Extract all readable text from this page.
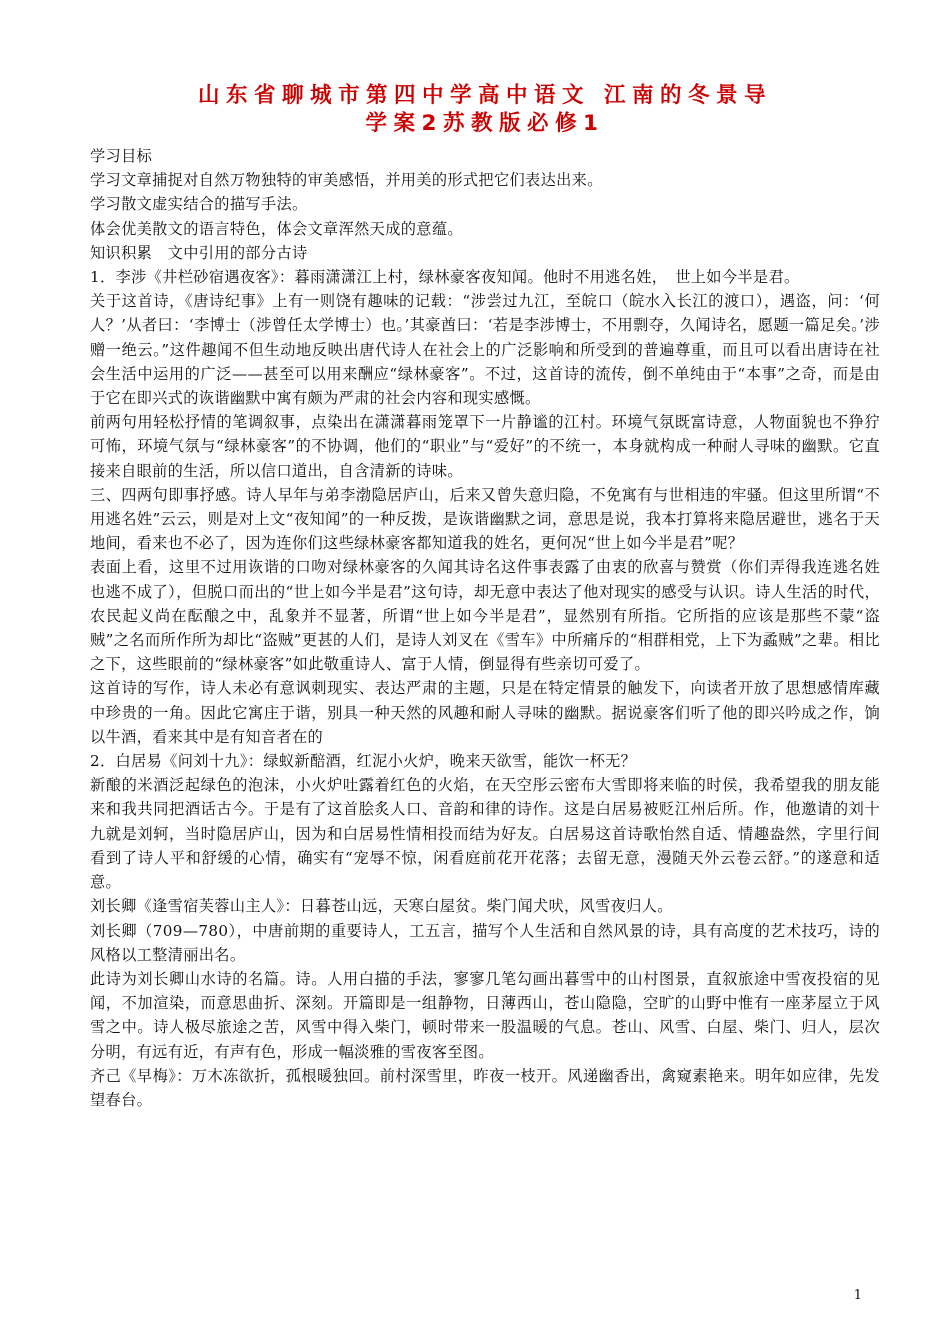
山东省聊城市第四中学高中语文 江南的冬景导
学案2苏教版必修1

学习目标

学习文章捕捉对自然万物独特的审美感悟，并用美的形式把它们表达出来。

学习散文虚实结合的描写手法。

体会优美散文的语言特色，体会文章浑然天成的意蕴。

知识积累　文中引用的部分古诗

1．李涉《井栏砂宿遇夜客》：暮雨潇潇江上村，绿林豪客夜知闻。他时不用逃名姓，　世上如今半是君。

关于这首诗，《唐诗纪事》上有一则饶有趣味的记载：“涉尝过九江，至皖口（皖水入长江的渡口），遇盗，问：‘何人？’从者曰：‘李博士（涉曾任太学博士）也。’其豪酋曰：‘若是李涉博士，不用剽夺，久闻诗名，愿题一篇足矣。’涉赠一绝云。”这件趣闻不但生动地反映出唐代诗人在社会上的广泛影响和所受到的普遍尊重，而且可以看出唐诗在社会生活中运用的广泛——甚至可以用来酬应“绿林豪客”。不过，这首诗的流传，倒不单纯由于“本事”之奇，而是由于它在即兴式的诙谐幽默中寓有颇为严肃的社会内容和现实感慨。

前两句用轻松抒情的笔调叙事，点染出在潇潇暮雨笼罩下一片静谧的江村。环境气氛既富诗意，人物面貌也不狰狞可怖，环境气氛与“绿林豪客”的不协调，他们的“职业”与“爱好”的不统一，本身就构成一种耐人寻味的幽默。它直接来自眼前的生活，所以信口道出，自含清新的诗味。

三、四两句即事抒感。诗人早年与弟李渤隐居庐山，后来又曾失意归隐，不免寓有与世相违的牢骚。但这里所谓“不用逃名姓”云云，则是对上文“夜知闻”的一种反拨，是诙谐幽默之词，意思是说，我本打算将来隐居避世，逃名于天地间，看来也不必了，因为连你们这些绿林豪客都知道我的姓名，更何况“世上如今半是君”呢？

表面上看，这里不过用诙谐的口吻对绿林豪客的久闻其诗名这件事表露了由衷的欣喜与赞赏（你们弄得我连逃名姓也逃不成了），但脱口而出的“世上如今半是君”这句诗，却无意中表达了他对现实的感受与认识。诗人生活的时代，农民起义尚在酝酿之中，乱象并不显著，所谓“世上如今半是君”，显然别有所指。它所指的应该是那些不蒙“盗贼”之名而所作所为却比“盗贼”更甚的人们，是诗人刘叉在《雪车》中所痛斥的“相群相党，上下为蟊贼”之辈。相比之下，这些眼前的“绿林豪客”如此敬重诗人、富于人情，倒显得有些亲切可爱了。

这首诗的写作，诗人未必有意讽刺现实、表达严肃的主题，只是在特定情景的触发下，向读者开放了思想感情库藏中珍贵的一角。因此它寓庄于谐，别具一种天然的风趣和耐人寻味的幽默。据说豪客们听了他的即兴吟成之作，饷以牛酒，看来其中是有知音者在的

2．白居易《问刘十九》：绿蚁新醅酒，红泥小火炉，晚来天欲雪，能饮一杯无？

新酿的米酒泛起绿色的泡沫，小火炉吐露着红色的火焰，在天空彤云密布大雪即将来临的时侯，我希望我的朋友能来和我共同把酒话古今。于是有了这首脍炙人口、音韵和律的诗作。这是白居易被贬江州后所。作，他邀请的刘十九就是刘轲，当时隐居庐山，因为和白居易性情相投而结为好友。白居易这首诗歌怡然自适、情趣盎然，字里行间看到了诗人平和舒缓的心情，确实有“宠辱不惊，闲看庭前花开花落；去留无意，漫随天外云卷云舒。”的遂意和适意。

刘长卿《逢雪宿芙蓉山主人》：日暮苍山远，天寒白屋贫。柴门闻犬吠，风雪夜归人。

刘长卿（709—780），中唐前期的重要诗人，工五言，描写个人生活和自然风景的诗，具有高度的艺术技巧，诗的风格以工整清丽出名。

此诗为刘长卿山水诗的名篇。诗。人用白描的手法，寥寥几笔勾画出暮雪中的山村图景，直叙旅途中雪夜投宿的见闻，不加渲染，而意思曲折、深刻。开篇即是一组静物，日薄西山，苍山隐隐，空旷的山野中惟有一座茅屋立于风雪之中。诗人极尽旅途之苦，风雪中得入柴门，顿时带来一股温暖的气息。苍山、风雪、白屋、柴门、归人，层次分明，有远有近，有声有色，形成一幅淡雅的雪夜客至图。

齐己《早梅》：万木冻欲折，孤根暖独回。前村深雪里，昨夜一枝开。风递幽香出，禽窥素艳来。明年如应律，先发望春台。

1
